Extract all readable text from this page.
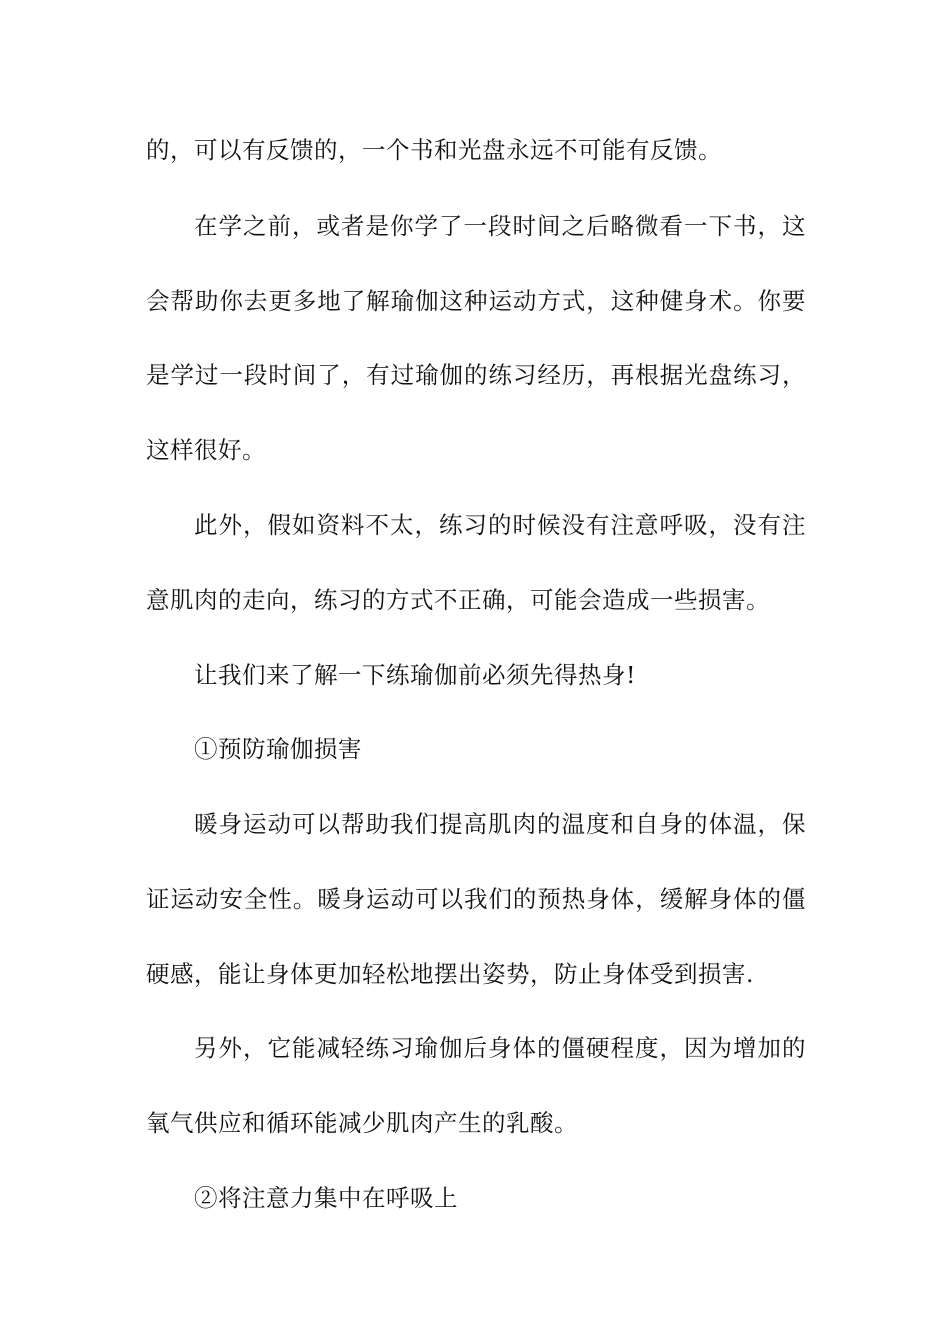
的，可以有反馈的，一个书和光盘永远不可能有反馈。
在学之前，或者是你学了一段时间之后略微看一下书，这
会帮助你去更多地了解瑜伽这种运动方式，这种健身术。你要
是学过一段时间了，有过瑜伽的练习经历，再根据光盘练习，
这样很好。
此外，假如资料不太，练习的时候没有注意呼吸，没有注
意肌肉的走向，练习的方式不正确，可能会造成一些损害。
让我们来了解一下练瑜伽前必须先得热身!
①预防瑜伽损害
暖身运动可以帮助我们提高肌肉的温度和自身的体温，保
证运动安全性。暖身运动可以我们的预热身体，缓解身体的僵
硬感，能让身体更加轻松地摆出姿势，防止身体受到损害.
另外，它能减轻练习瑜伽后身体的僵硬程度，因为增加的
氧气供应和循环能减少肌肉产生的乳酸。
②将注意力集中在呼吸上
